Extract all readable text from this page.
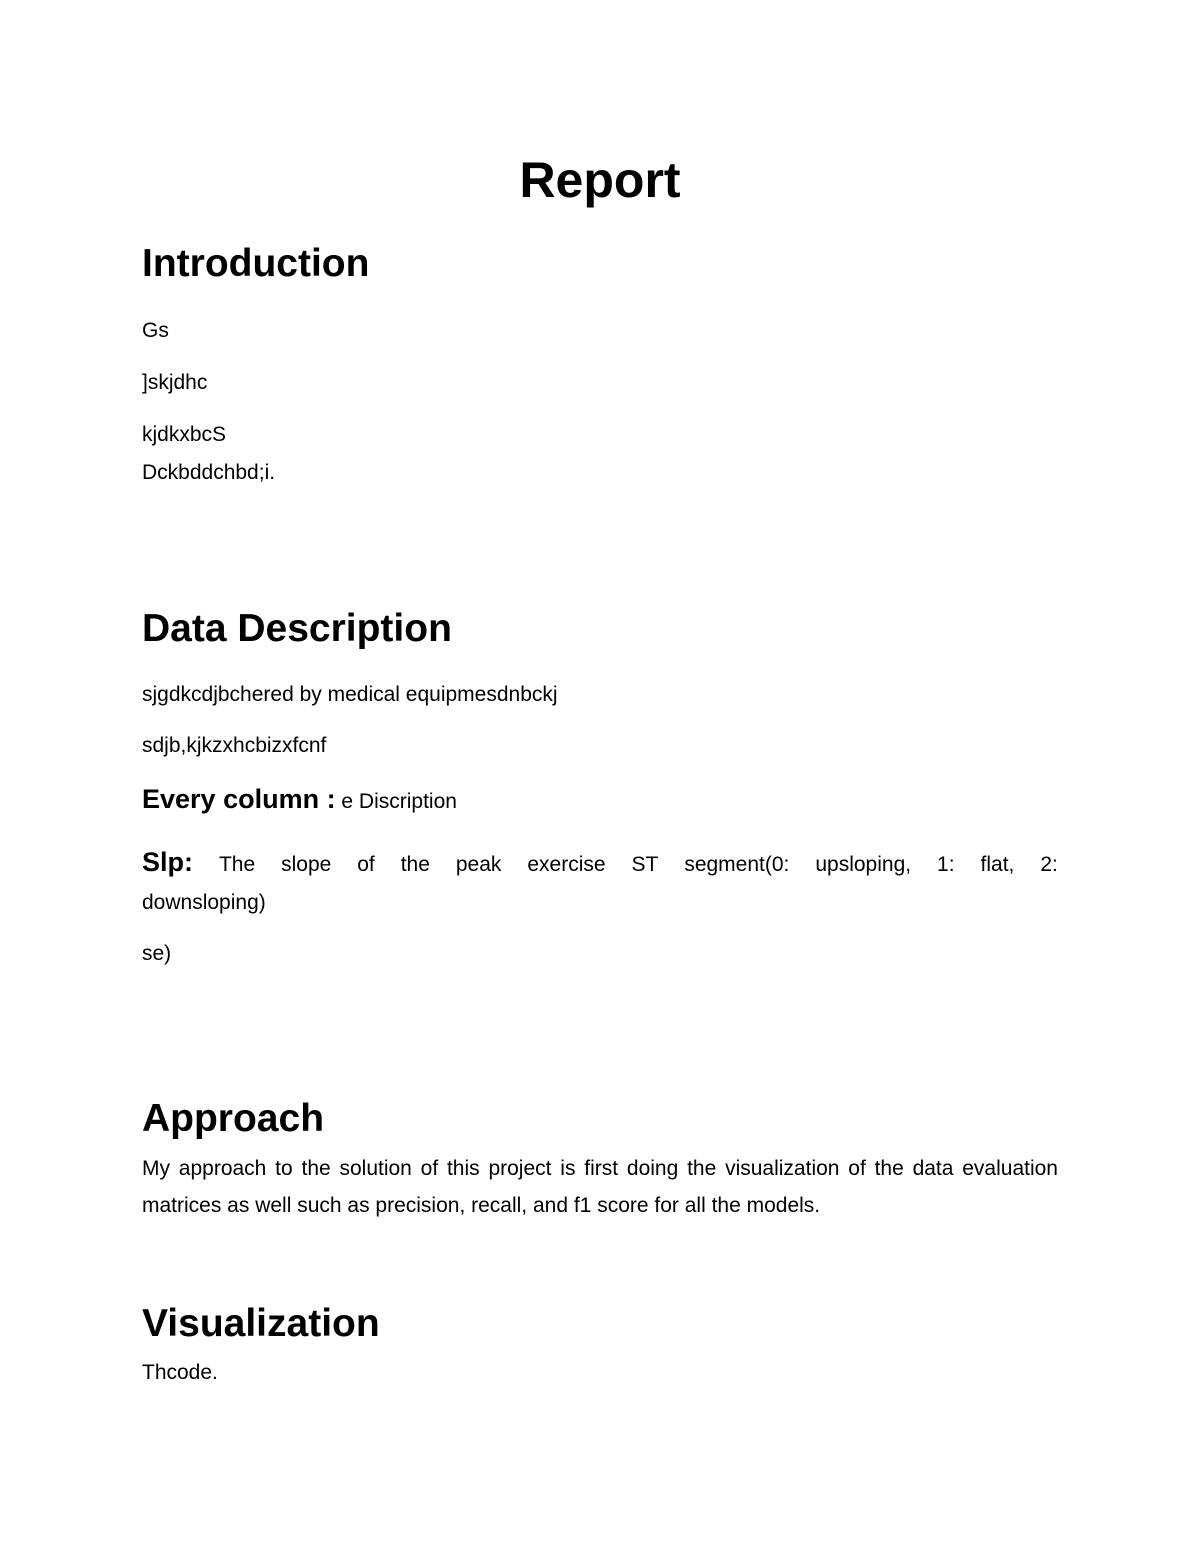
Report
Introduction

Gs

]skjdhc

kjdkxbcS

Dckbddchbd;i.

Data Description

sjgdkcdjbchered by medical equipmesdnbckj

sdjb,kjkzxhcbizxfcnf

Every column : e Discription

Slp: The slope of the peak exercise ST segment(0: upsloping, 1: flat, 2:
downsloping)

se)

Approach

My approach to the solution of this project is first doing the visualization of the data evaluation matrices as well such as precision, recall, and f1 score for all the models.

Visualization

Thcode.
